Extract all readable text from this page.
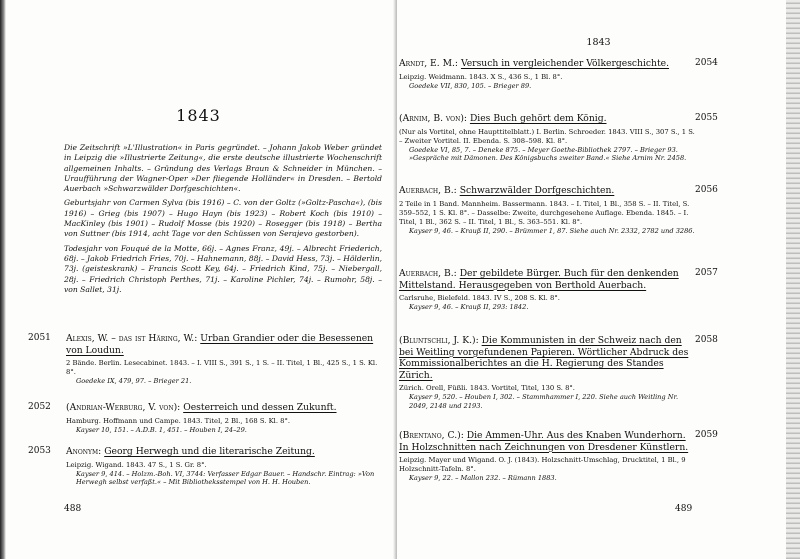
1843

Die Zeitschrift »L'Illustration« in Paris gegründet. – Johann Jakob Weber gründet in Leipzig die »Illustrierte Zeitung«, die erste deutsche illustrierte Wochenschrift allgemeinen Inhalts. – Gründung des Verlags Braun & Schneider in München. – Uraufführung der Wagner-Oper »Der fliegende Holländer« in Dresden. – Bertold Auerbach »Schwarzwälder Dorfgeschichten«.

Geburtsjahr von Carmen Sylva (bis 1916) – C. von der Goltz (»Goltz-Pascha«), (bis 1916) – Grieg (bis 1907) – Hugo Hayn (bis 1923) – Robert Koch (bis 1910) – MacKinley (bis 1901) – Rudolf Mosse (bis 1920) – Rosegger (bis 1918) – Bertha von Suttner (bis 1914, acht Tage vor den Schüssen von Serajevo gestorben).

Todesjahr von Fouqué de la Motte, 66j. – Agnes Franz, 49j. – Albrecht Friederich, 68j. – Jakob Friedrich Fries, 70j. – Hahnemann, 88j. – David Hess, 73j. – Hölderlin, 73j. (geisteskrank) – Francis Scott Key, 64j. – Friedrich Kind, 75j. – Niebergall, 28j. – Friedrich Christoph Perthes, 71j. – Karoline Pichler, 74j. – Rumohr, 58j. – von Sallet, 31j.

2051 Alexis, W. – das ist Häring, W.: Urban Grandier oder die Besessenen von Loudun.
2 Bände. Berlin. Lesecabinet. 1843. – I. VIII S., 391 S., 1 S. – II. Titel, 1 Bl., 425 S., 1 S. Kl. 8°.
Goedeke IX, 479, 97. – Brieger 21.
2052 (Andrian-Werburg, V. von): Oesterreich und dessen Zukunft.
Hamburg. Hoffmann und Campe. 1843. Titel, 2 Bl., 168 S. Kl. 8°.
Kayser 10, 151. – A.D.B. 1, 451. – Houben I, 24–29.
2053 Anonym: Georg Herwegh und die literarische Zeitung.
Leipzig. Wigand. 1843. 47 S., 1 S. Gr. 8°.
Kayser 9, 414. – Holzm.-Boh. VI, 3744: Verfasser Edgar Bauer. – Handschr. Eintrag: »Von Herwegh selbst verfaßt.« – Mit Bibliotheksstempel von H. H. Houben.
488
1843
2054
Arndt, E. M.: Versuch in vergleichender Völkergeschichte.
Leipzig. Weidmann. 1843. X S., 436 S., 1 Bl. 8°.
Goedeke VII, 830, 105. – Brieger 89.
2055
(Arnim, B. von): Dies Buch gehört dem König.
(Nur als Vortitel, ohne Haupttitelblatt.) I. Berlin. Schroeder. 1843. VIII S., 307 S., 1 S. – Zweiter Vortitel. II. Ebenda. S. 308–598. Kl. 8°.
Goedeke VI, 85, 7. – Deneke 875. – Meyer Goethe-Bibliothek 2797. – Brieger 93. »Gespräche mit Dämonen. Des Königsbuchs zweiter Band.« Siehe Arnim Nr. 2458.
2056
Auerbach, B.: Schwarzwälder Dorfgeschichten.
2 Teile in 1 Band. Mannheim. Bassermann. 1843. – I. Titel, 1 Bl., 358 S. – II. Titel, S. 359–552, 1 S. Kl. 8°. – Dasselbe: Zweite, durchgesehene Auflage. Ebenda. 1845. – I. Titel, 1 Bl., 362 S. – II. Titel, 1 Bl., S. 363–551. Kl. 8°.
Kayser 9, 46. – Krauß II, 290. – Brümmer 1, 87. Siehe auch Nr. 2332, 2782 und 3286.
2057
Auerbach, B.: Der gebildete Bürger. Buch für den denkenden Mittelstand. Herausgegeben von Berthold Auerbach.
Carlsruhe, Bielefeld. 1843. IV S., 208 S. Kl. 8°.
Kayser 9, 46. – Krauß II, 293: 1842.
2058
(Bluntschli, J. K.): Die Kommunisten in der Schweiz nach den bei Weitling vorgefundenen Papieren. Wörtlicher Abdruck des Kommissionalberichtes an die H. Regierung des Standes Zürich.
Zürich. Orell, Füßli. 1843. Vortitel, Titel, 130 S. 8°.
Kayser 9, 520. – Houben I, 302. – Stammhammer I, 220. Siehe auch Weitling Nr. 2049, 2148 und 2193.
2059
(Brentano, C.): Die Ammen-Uhr. Aus des Knaben Wunderhorn. In Holzschnitten nach Zeichnungen von Dresdener Künstlern.
Leipzig. Mayer und Wigand. O. J. (1843). Holzschnitt-Umschlag, Drucktitel, 1 Bl., 9 Holzschnitt-Tafeln. 8°.
Kayser 9, 22. – Mallon 232. – Rümann 1883.
489
